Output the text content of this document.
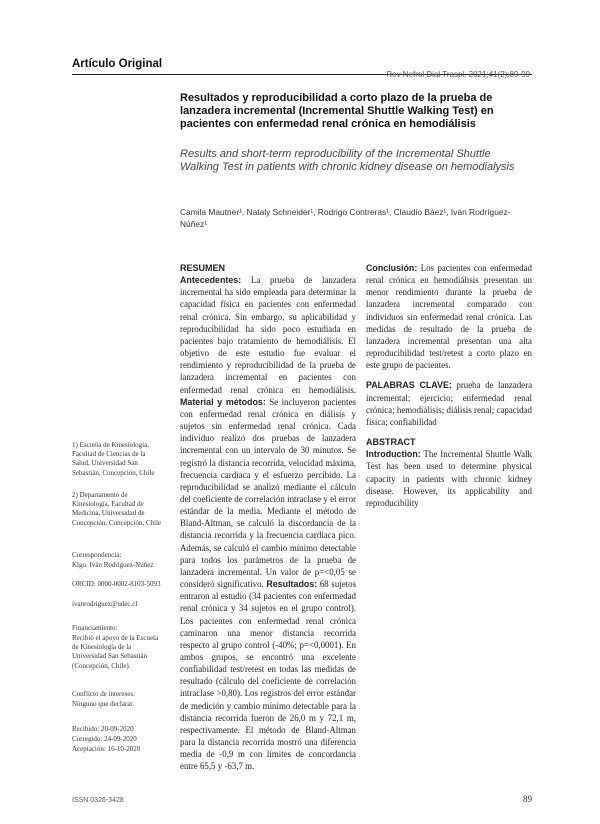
Artículo Original
Rev Nefrol Dial Traspl. 2021;41(2):89-99
Resultados y reproducibilidad a corto plazo de la prueba de lanzadera incremental (Incremental Shuttle Walking Test) en pacientes con enfermedad renal crónica en hemodiálisis
Results and short-term reproducibility of the Incremental Shuttle Walking Test in patients with chronic kidney disease on hemodialysis
Camila Mautner¹, Nataly Schneider¹, Rodrigo Contreras¹, Claudio Báez¹, Iván Rodríguez-Núñez¹
1) Escuela de Kinesiología, Facultad de Ciencias de la Salud, Universidad San Sebastián, Concepción, Chile
2) Departamento de Kinesiología, Facultad de Medicina, Universidad de Concepción, Concepción, Chile
Correspondencia:
Klgo. Iván Rodríguez-Núñez
ORCID: 0000-0002-8103-5093
ivanrodriguez@udec.cl
Financiamiento:
Recibió el apoyo de la Escuela de Kinesiología de la Universidad San Sebastián (Concepción, Chile).
Conflicto de intereses:
Ninguno que declarar.
Recibido: 20-09-2020
Corregido: 24-09-2020
Aceptación: 16-10-2020
RESUMEN

Antecedentes: La prueba de lanzadera incremental ha sido empleada para determinar la capacidad física en pacientes con enfermedad renal crónica. Sin embargo, su aplicabilidad y reproducibilidad ha sido poco estudiada en pacientes bajo tratamiento de hemodiálisis. El objetivo de este estudio fue evaluar el rendimiento y reproducibilidad de la prueba de lanzadera incremental en pacientes con enfermedad renal crónica en hemodiálisis. Material y métodos: Se incluyeron pacientes con enfermedad renal crónica en diálisis y sujetos sin enfermedad renal crónica. Cada individuo realizó dos pruebas de lanzadera incremental con un intervalo de 30 minutos. Se registró la distancia recorrida, velocidad máxima, frecuencia cardiaca y el esfuerzo percibido. La reproducibilidad se analizó mediante el cálculo del coeficiente de correlación intraclase y el error estándar de la media. Mediante el método de Bland-Altman, se calculó la discordancia de la distancia recorrida y la frecuencia cardiaca pico. Además, se calculó el cambio mínimo detectable para todos los parámetros de la prueba de lanzadera incremental. Un valor de p=<0,05 se consideró significativo. Resultados: 68 sujetos entraron al estudio (34 pacientes con enfermedad renal crónica y 34 sujetos en el grupo control). Los pacientes con enfermedad renal crónica caminaron una menor distancia recorrida respecto al grupo control (-40%; p=<0,0001). En ambos grupos, se encontró una excelente confiabilidad test/retest en todas las medidas de resultado (cálculo del coeficiente de correlación intraclase >0,80). Los registros del error estándar de medición y cambio mínimo detectable para la distancia recorrida fueron de 26,0 m y 72,1 m, respectivamente. El método de Bland-Altman para la distancia recorrida mostró una diferencia media de -0,9 m con límites de concordancia entre 65,5 y -63,7 m.

Conclusión: Los pacientes con enfermedad renal crónica en hemodiálisis presentan un menor rendimiento durante la prueba de lanzadera incremental comparado con individuos sin enfermedad renal crónica. Las medidas de resultado de la prueba de lanzadera incremental presentan una alta reproducibilidad test/retest a corto plazo en este grupo de pacientes.

PALABRAS CLAVE: prueba de lanzadera incremental; ejercicio; enfermedad renal crónica; hemodiálisis; diálisis renal; capacidad física; confiabilidad

ABSTRACT

Introduction: The Incremental Shuttle Walk Test has been used to determine physical capacity in patients with chronic kidney disease. However, its applicability and reproducibility

ISSN 0326-3428	89
